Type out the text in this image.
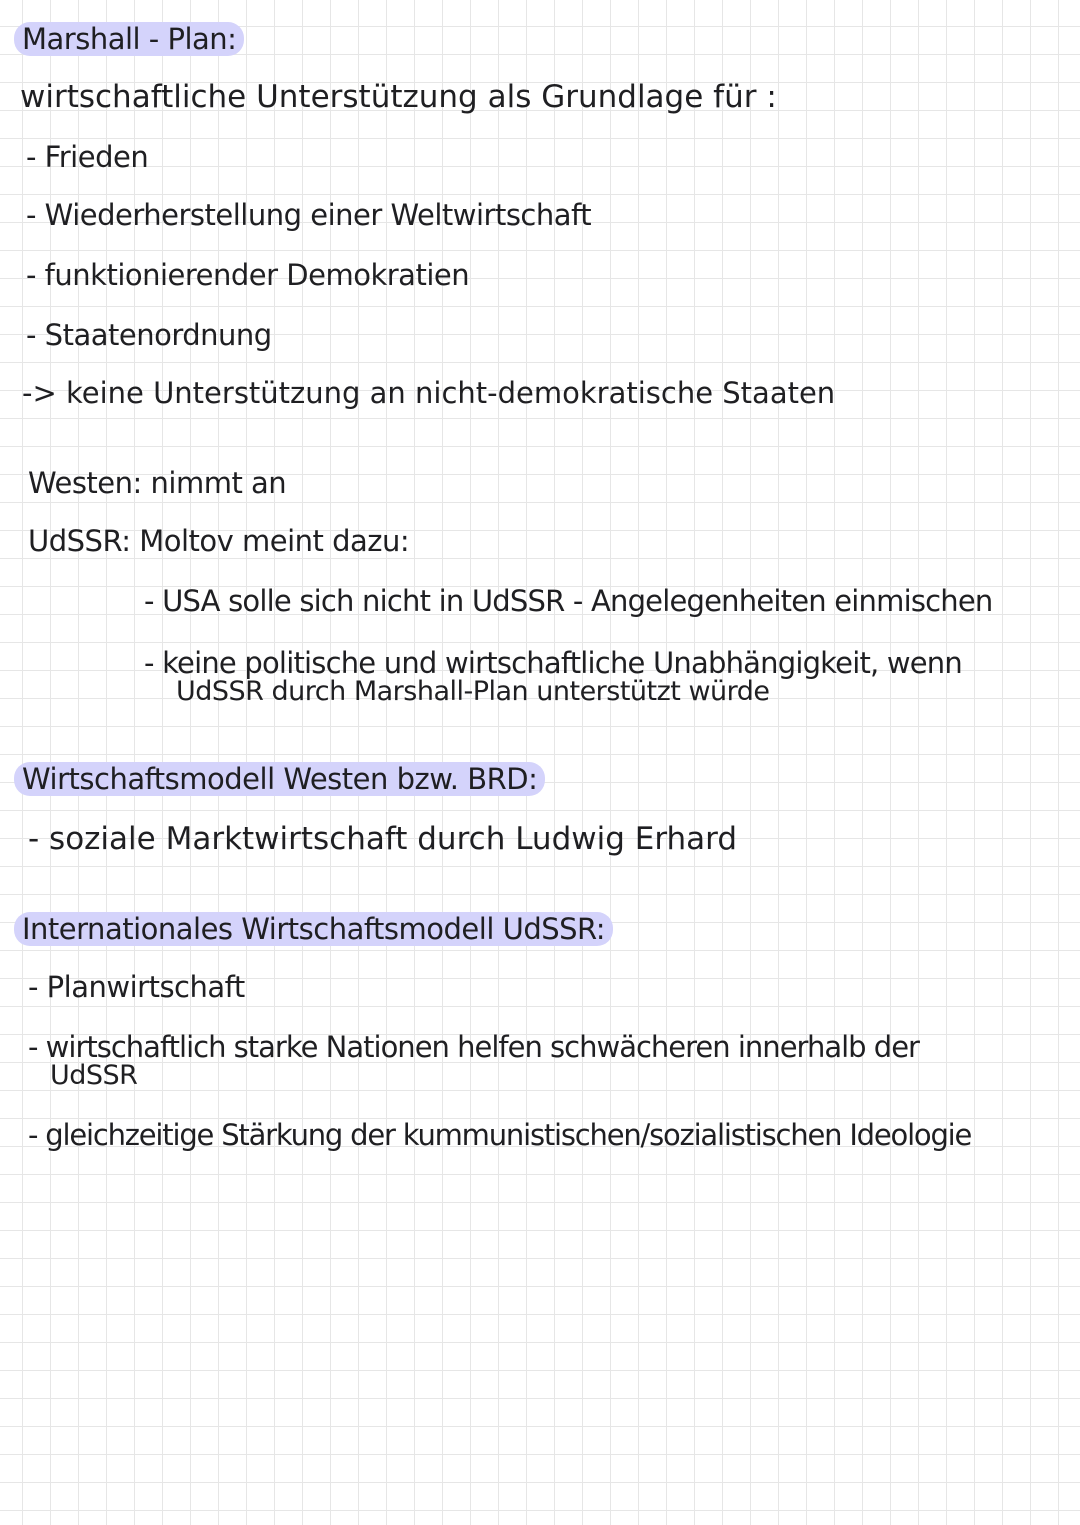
Marshall - Plan:
wirtschaftliche Unterstützung als Grundlage für :
- Frieden
- Wiederherstellung einer Weltwirtschaft
- funktionierender Demokratien
- Staatenordnung
-> keine Unterstützung an nicht-demokratische Staaten
Westen: nimmt an
UdSSR: Moltov meint dazu:
- USA solle sich nicht in UdSSR - Angelegenheiten einmischen
- keine politische und wirtschaftliche Unabhängigkeit, wenn
UdSSR durch Marshall-Plan unterstützt würde
Wirtschaftsmodell Westen bzw. BRD:
- soziale Marktwirtschaft durch Ludwig Erhard
Internationales Wirtschaftsmodell UdSSR:
- Planwirtschaft
- wirtschaftlich starke Nationen helfen schwächeren innerhalb der
UdSSR
- gleichzeitige Stärkung der kummunistischen/sozialistischen Ideologie
